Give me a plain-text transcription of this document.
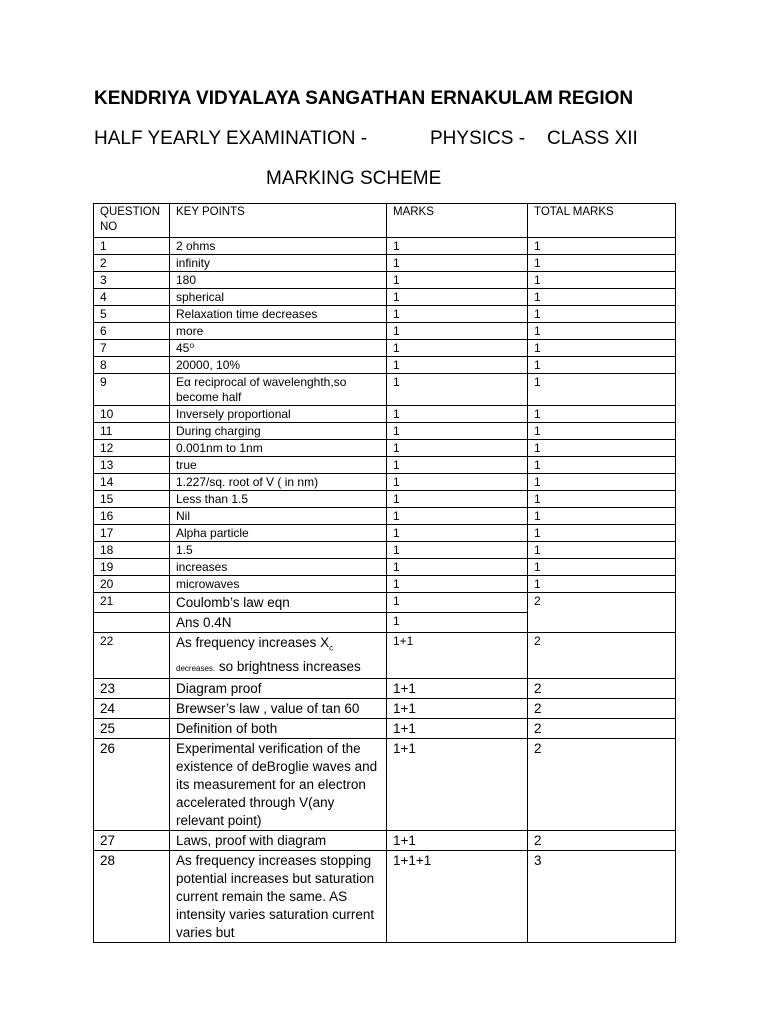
KENDRIYA VIDYALAYA SANGATHAN ERNAKULAM REGION
HALF YEARLY EXAMINATION -	PHYSICS - CLASS XII
MARKING SCHEME
QUESTION NO	KEY POINTS	MARKS	TOTAL MARKS
1	2 ohms	1	1
2	infinity	1	1
3	180	1	1
4	spherical	1	1
5	Relaxation time decreases	1	1
6	more	1	1
7	45⁰	1	1
8	20000, 10%	1	1
9	Eα reciprocal of wavelenghth,so become half	1	1
10	Inversely proportional	1	1
11	During charging	1	1
12	0.001nm to 1nm	1	1
13	true	1	1
14	1.227/sq. root of V ( in nm)	1	1
15	Less than 1.5	1	1
16	Nil	1	1
17	Alpha particle	1	1
18	1.5	1	1
19	increases	1	1
20	microwaves	1	1
21	Coulomb’s law eqn	1	2
	Ans 0.4N	1	
22	As frequency increases $X_c$
decreases. so brightness increases	1+1	2
23	Diagram proof	1+1	2
24	Brewser’s law , value of tan 60	1+1	2
25	Definition of both	1+1	2
26	Experimental verification of the existence of deBroglie waves and its measurement for an electron accelerated through V(any relevant point)	1+1	2
27	Laws, proof with diagram	1+1	2
28	As frequency increases stopping potential increases but saturation current remain the same. AS intensity varies saturation current varies but	1+1+1	3
